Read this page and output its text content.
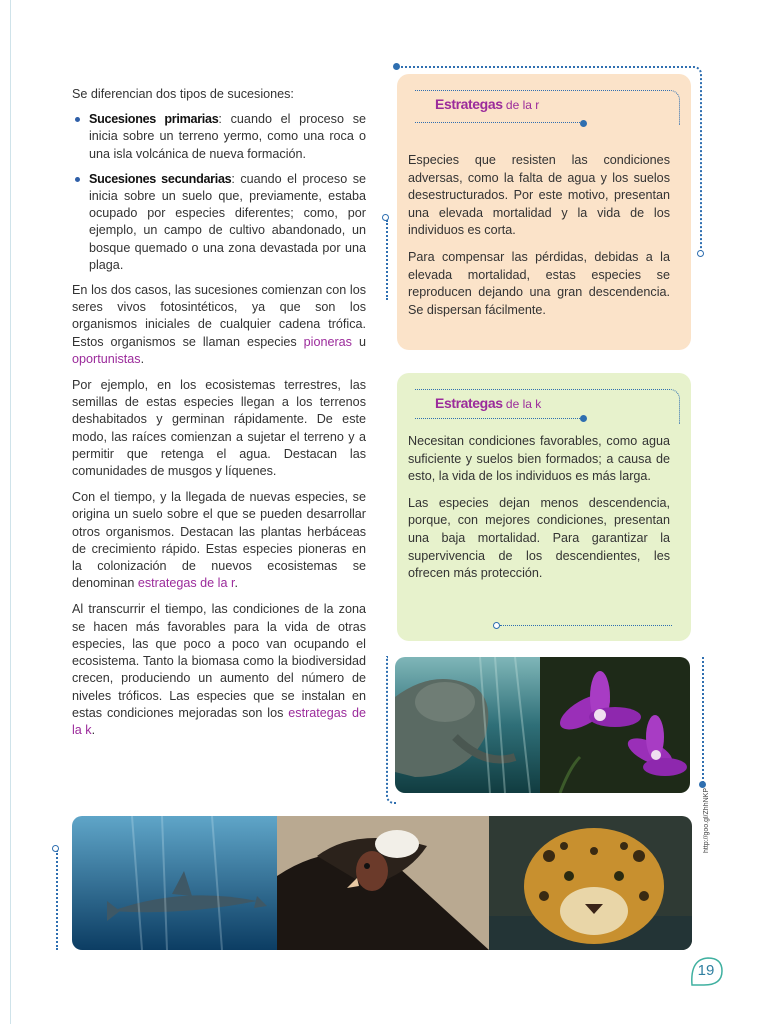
Se diferencian dos tipos de sucesiones:

Sucesiones primarias: cuando el proceso se inicia sobre un terreno yermo, como una roca o una isla volcánica de nueva formación.
Sucesiones secundarias: cuando el proceso se inicia sobre un suelo que, previamente, estaba ocupado por especies diferentes; como, por ejemplo, un campo de cultivo abandonado, un bosque quemado o una zona devastada por una plaga.

En los dos casos, las sucesiones comienzan con los seres vivos fotosintéticos, ya que son los organismos iniciales de cualquier cadena trófica. Estos organismos se llaman especies pioneras u oportunistas.

Por ejemplo, en los ecosistemas terrestres, las semillas de estas especies llegan a los terrenos deshabitados y germinan rápidamente. De este modo, las raíces comienzan a sujetar el terreno y a permitir que retenga el agua. Destacan las comunidades de musgos y líquenes.

Con el tiempo, y la llegada de nuevas especies, se origina un suelo sobre el que se pueden desarrollar otros organismos. Destacan las plantas herbáceas de crecimiento rápido. Estas especies pioneras en la colonización de nuevos ecosistemas se denominan estrategas de la r.

Al transcurrir el tiempo, las condiciones de la zona se hacen más favorables para la vida de otras especies, las que poco a poco van ocupando el ecosistema. Tanto la biomasa como la biodiversidad crecen, produciendo un aumento del número de niveles tróficos. Las especies que se instalan en estas condiciones mejoradas son los estrategas de la k.

Estrategas de la r

Especies que resisten las condiciones adversas, como la falta de agua y los suelos desestructurados. Por este motivo, presentan una elevada mortalidad y la vida de los individuos es corta.

Para compensar las pérdidas, debidas a la elevada mortalidad, estas especies se reproducen dejando una gran descendencia. Se dispersan fácilmente.

Estrategas de la k

Necesitan condiciones favorables, como agua suficiente y suelos bien formados; a causa de esto, la vida de los individuos es más larga.

Las especies dejan menos descendencia, porque, con mejores condiciones, presentan una baja mortalidad. Para garantizar la supervivencia de los descendientes, les ofrecen más protección.

http://goo.gl/ZhhNKP
19
